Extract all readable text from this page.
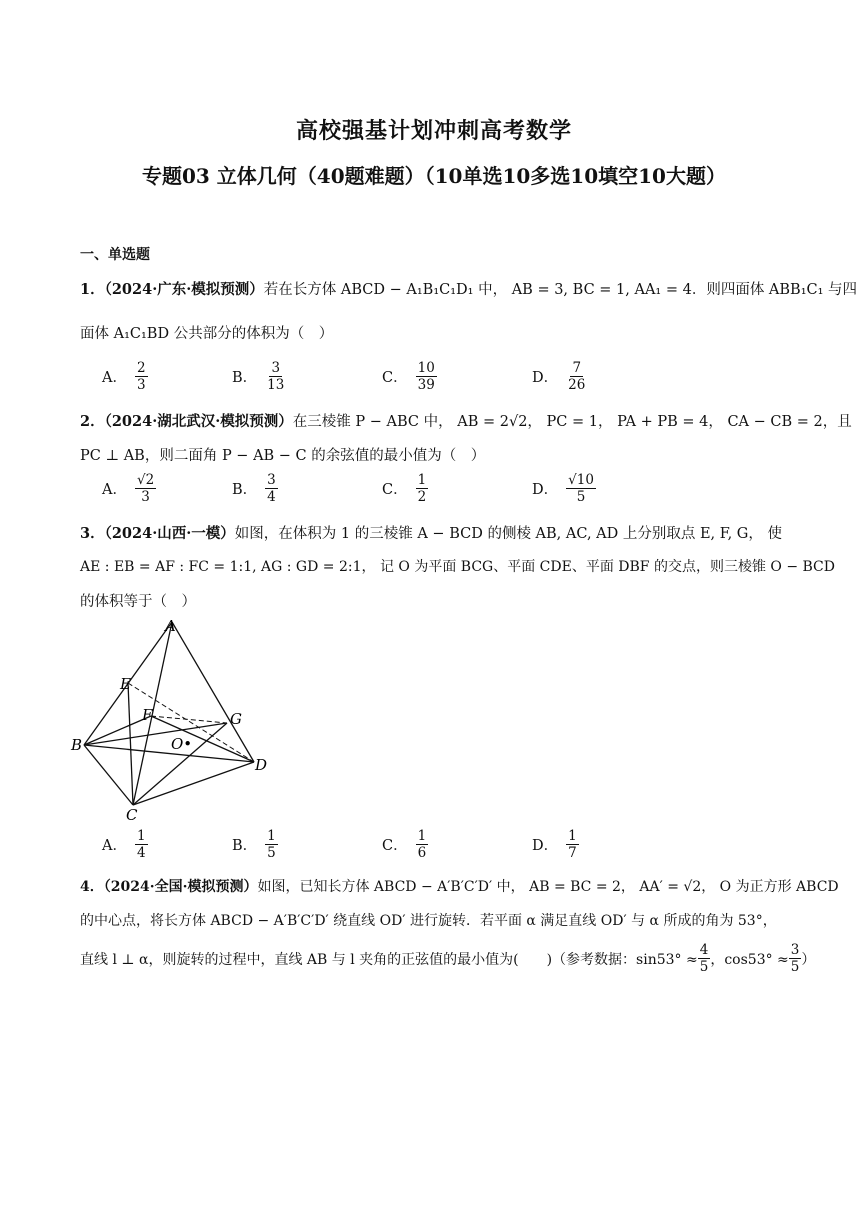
高校强基计划冲刺高考数学
专题03 立体几何（40题难题）（10单选10多选10填空10大题）
一、单选题
1．（2024·广东·模拟预测）若在长方体 ABCD − A₁B₁C₁D₁ 中， AB = 3, BC = 1, AA₁ = 4．则四面体 ABB₁C₁ 与四
面体 A₁C₁BD 公共部分的体积为（　）
A． $\frac{2}{3}$	B． $\frac{3}{13}$	C． $\frac{10}{39}$	D． $\frac{7}{26}$
2．（2024·湖北武汉·模拟预测）在三棱锥 P − ABC 中， AB = 2√2， PC = 1， PA + PB = 4， CA − CB = 2，且
PC ⊥ AB，则二面角 P − AB − C 的余弦值的最小值为（　）
A． $\frac{√2}{3}$	B． $\frac{3}{4}$	C． $\frac{1}{2}$	D． $\frac{√10}{5}$
3．（2024·山西·一模）如图，在体积为 1 的三棱锥 A − BCD 的侧棱 AB, AC, AD 上分别取点 E, F, G， 使
AE : EB = AF : FC = 1:1, AG : GD = 2:1， 记 O 为平面 BCG、平面 CDE、平面 DBF 的交点，则三棱锥 O − BCD
的体积等于（　）
A
B
C
D
E
F	G
O•
A． $\frac{1}{4}$	B． $\frac{1}{5}$	C． $\frac{1}{6}$	D． $\frac{1}{7}$
4．（2024·全国·模拟预测）如图，已知长方体 ABCD − A′B′C′D′ 中， AB = BC = 2， AA′ = √2， O 为正方形 ABCD
的中心点，将长方体 ABCD − A′B′C′D′ 绕直线 OD′ 进行旋转．若平面 α 满足直线 OD′ 与 α 所成的角为 53°，
直线 l ⊥ α，则旋转的过程中，直线 AB 与 l 夹角的正弦值的最小值为(　　)（参考数据：$\sin 53^\circ \approx \frac{4}{5}$ ，$\cos 53^\circ \approx \frac{3}{5}$ ）
